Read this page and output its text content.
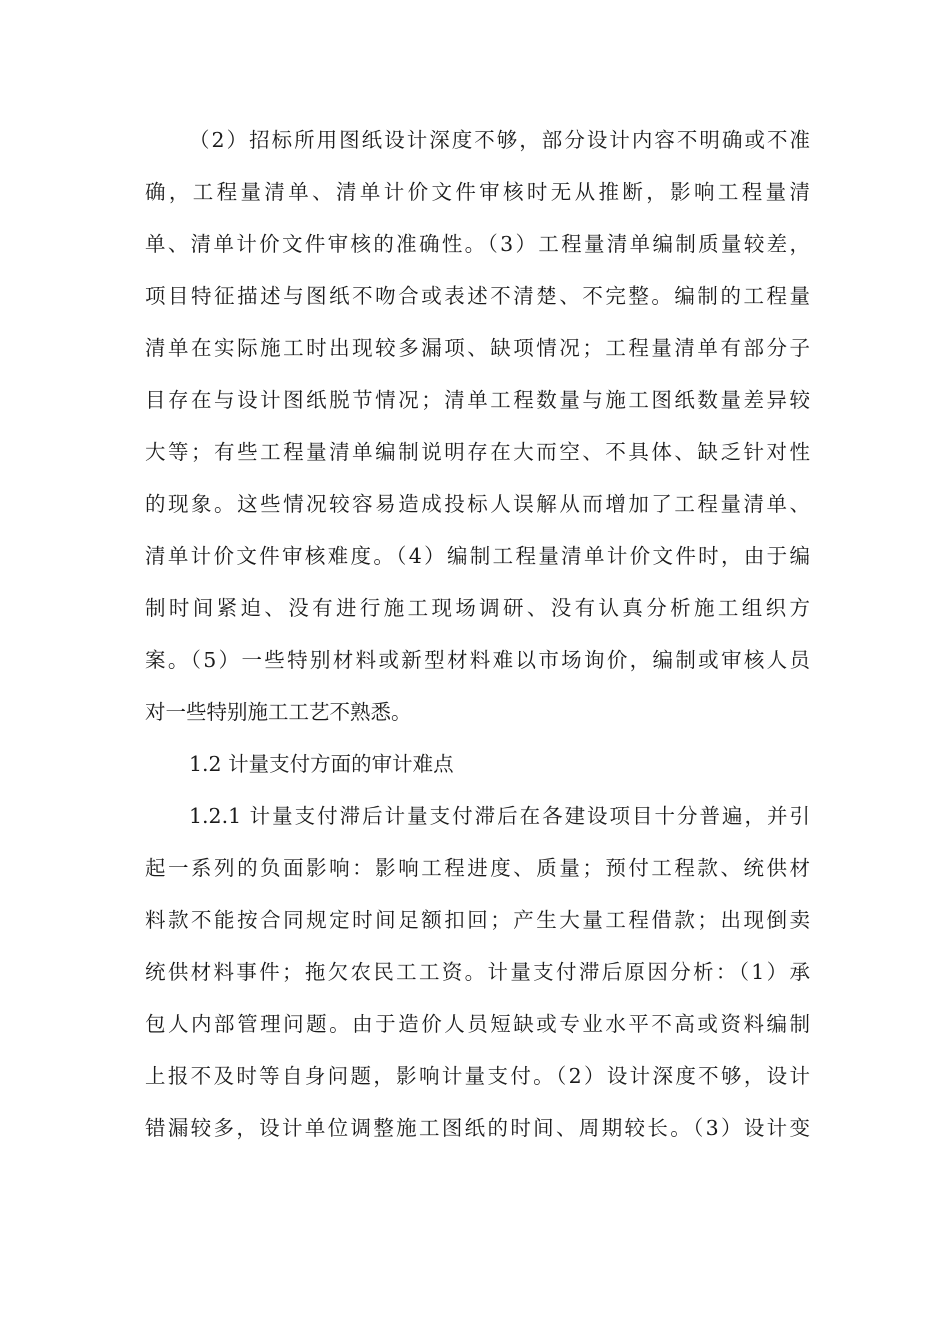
（2）招标所用图纸设计深度不够，部分设计内容不明确或不准
确，工程量清单、清单计价文件审核时无从推断，影响工程量清
单、清单计价文件审核的准确性。（3）工程量清单编制质量较差，
项目特征描述与图纸不吻合或表述不清楚、不完整。编制的工程量
清单在实际施工时出现较多漏项、缺项情况；工程量清单有部分子
目存在与设计图纸脱节情况；清单工程数量与施工图纸数量差异较
大等；有些工程量清单编制说明存在大而空、不具体、缺乏针对性
的现象。这些情况较容易造成投标人误解从而增加了工程量清单、
清单计价文件审核难度。（4）编制工程量清单计价文件时，由于编
制时间紧迫、没有进行施工现场调研、没有认真分析施工组织方
案。（5）一些特别材料或新型材料难以市场询价，编制或审核人员
对一些特别施工工艺不熟悉。
1.2 计量支付方面的审计难点
1.2.1 计量支付滞后计量支付滞后在各建设项目十分普遍，并引
起一系列的负面影响：影响工程进度、质量；预付工程款、统供材
料款不能按合同规定时间足额扣回；产生大量工程借款；出现倒卖
统供材料事件；拖欠农民工工资。计量支付滞后原因分析：（1）承
包人内部管理问题。由于造价人员短缺或专业水平不高或资料编制
上报不及时等自身问题，影响计量支付。（2）设计深度不够，设计
错漏较多，设计单位调整施工图纸的时间、周期较长。（3）设计变
